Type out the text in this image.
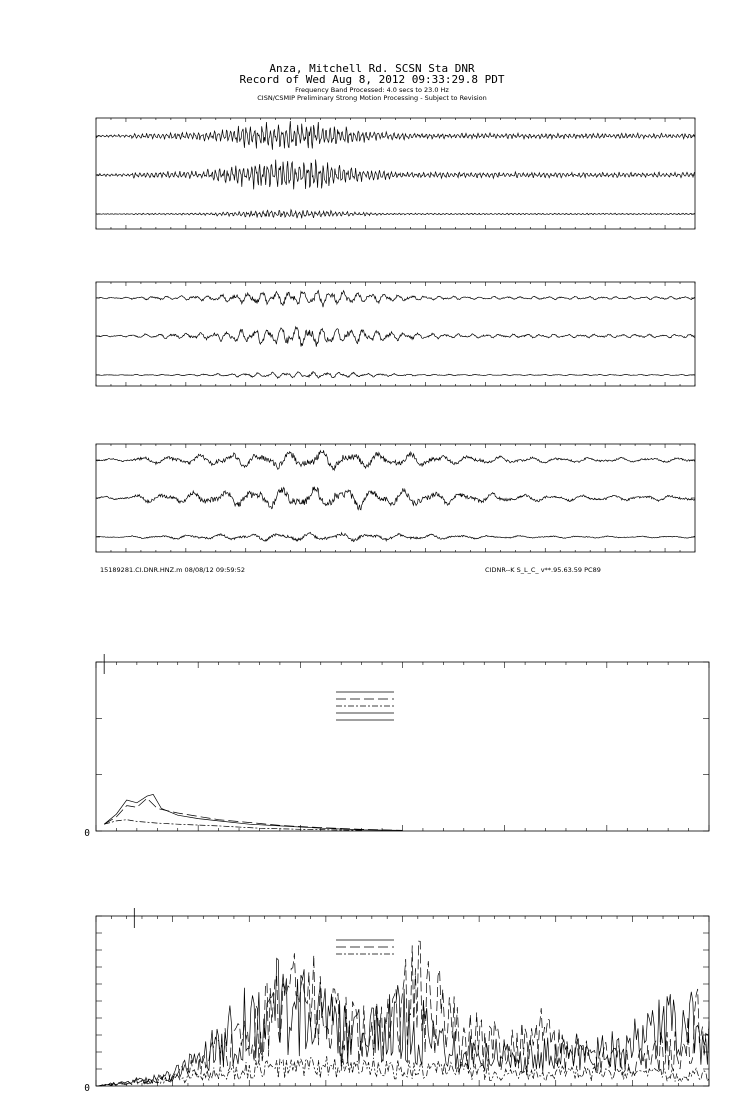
Anza, Mitchell Rd. SCSN Sta DNR
Record of Wed Aug 8, 2012 09:33:29.8 PDT
Frequency Band Processed: 4.0 secs to 23.0 Hz
CISN/CSMIP Preliminary Strong Motion Processing - Subject to Revision
15189281.CI.DNR.HNZ.m 08/08/12 09:59:52	CIDNR--K S_L_C_ v**.95.63.59 PC89
0
0
